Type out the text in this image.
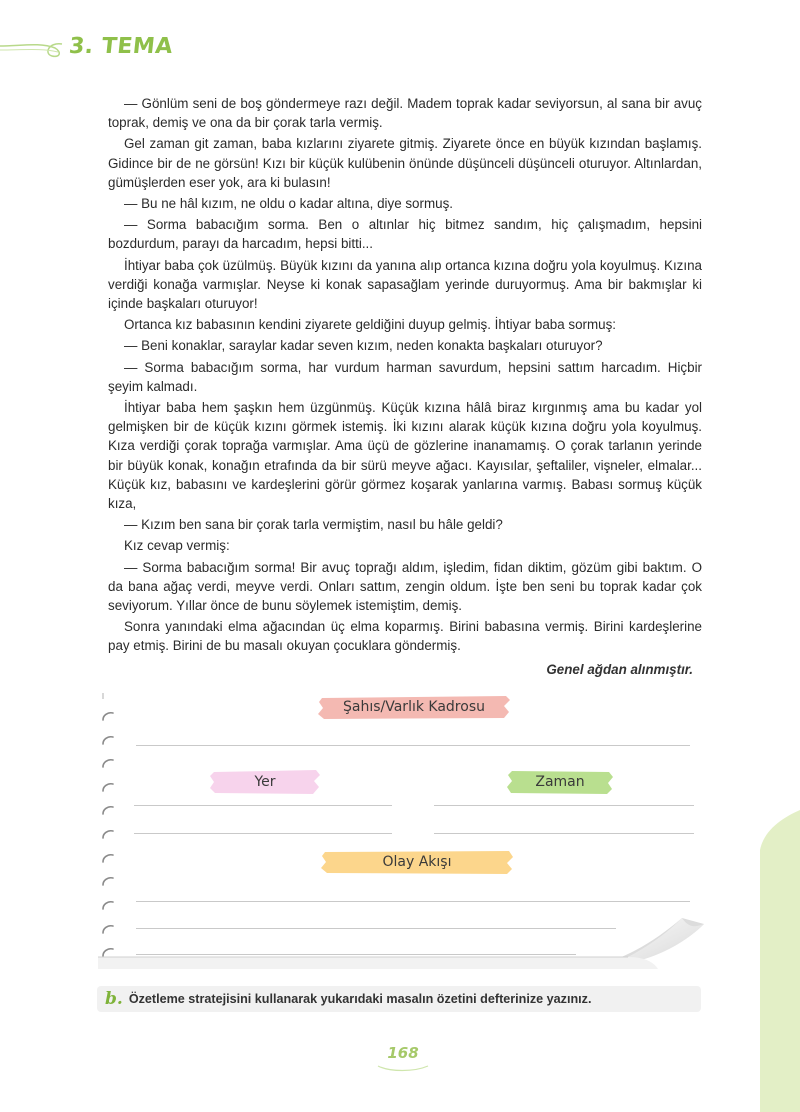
3. TEMA

— Gönlüm seni de boş göndermeye razı değil. Madem toprak kadar seviyorsun, al sana bir avuç toprak, demiş ve ona da bir çorak tarla vermiş.

Gel zaman git zaman, baba kızlarını ziyarete gitmiş. Ziyarete önce en büyük kızından başlamış. Gidince bir de ne görsün! Kızı bir küçük kulübenin önünde düşünceli düşünceli oturuyor. Altınlardan, gümüşlerden eser yok, ara ki bulasın!

— Bu ne hâl kızım, ne oldu o kadar altına, diye sormuş.

— Sorma babacığım sorma. Ben o altınlar hiç bitmez sandım, hiç çalışmadım, hepsini bozdurdum, parayı da harcadım, hepsi bitti...

İhtiyar baba çok üzülmüş. Büyük kızını da yanına alıp ortanca kızına doğru yola koyulmuş. Kızına verdiği konağa varmışlar. Neyse ki konak sapasağlam yerinde duruyormuş. Ama bir bakmışlar ki içinde başkaları oturuyor!

Ortanca kız babasının kendini ziyarete geldiğini duyup gelmiş. İhtiyar baba sormuş:

— Beni konaklar, saraylar kadar seven kızım, neden konakta başkaları oturuyor?

— Sorma babacığım sorma, har vurdum harman savurdum, hepsini sattım harcadım. Hiçbir şeyim kalmadı.

İhtiyar baba hem şaşkın hem üzgünmüş. Küçük kızına hâlâ biraz kırgınmış ama bu kadar yol gelmişken bir de küçük kızını görmek istemiş. İki kızını alarak küçük kızına doğru yola koyulmuş. Kıza verdiği çorak toprağa varmışlar. Ama üçü de gözlerine inanamamış. O çorak tarlanın yerinde bir büyük konak, konağın etrafında da bir sürü meyve ağacı. Kayısılar, şeftaliler, vişneler, elmalar... Küçük kız, babasını ve kardeşlerini görür görmez koşarak yanlarına varmış. Babası sormuş küçük kıza,

— Kızım ben sana bir çorak tarla vermiştim, nasıl bu hâle geldi?

Kız cevap vermiş:

— Sorma babacığım sorma! Bir avuç toprağı aldım, işledim, fidan diktim, gözüm gibi baktım. O da bana ağaç verdi, meyve verdi. Onları sattım, zengin oldum. İşte ben seni bu toprak kadar çok seviyorum. Yıllar önce de bunu söylemek istemiştim, demiş.

Sonra yanındaki elma ağacından üç elma koparmış. Birini babasına vermiş. Birini kardeşlerine pay etmiş. Birini de bu masalı okuyan çocuklara göndermiş.

Genel ağdan alınmıştır.
Şahıs/Varlık Kadrosu
Yer	Zaman
Olay Akışı
b. Özetleme stratejisini kullanarak yukarıdaki masalın özetini defterinize yazınız.
168
